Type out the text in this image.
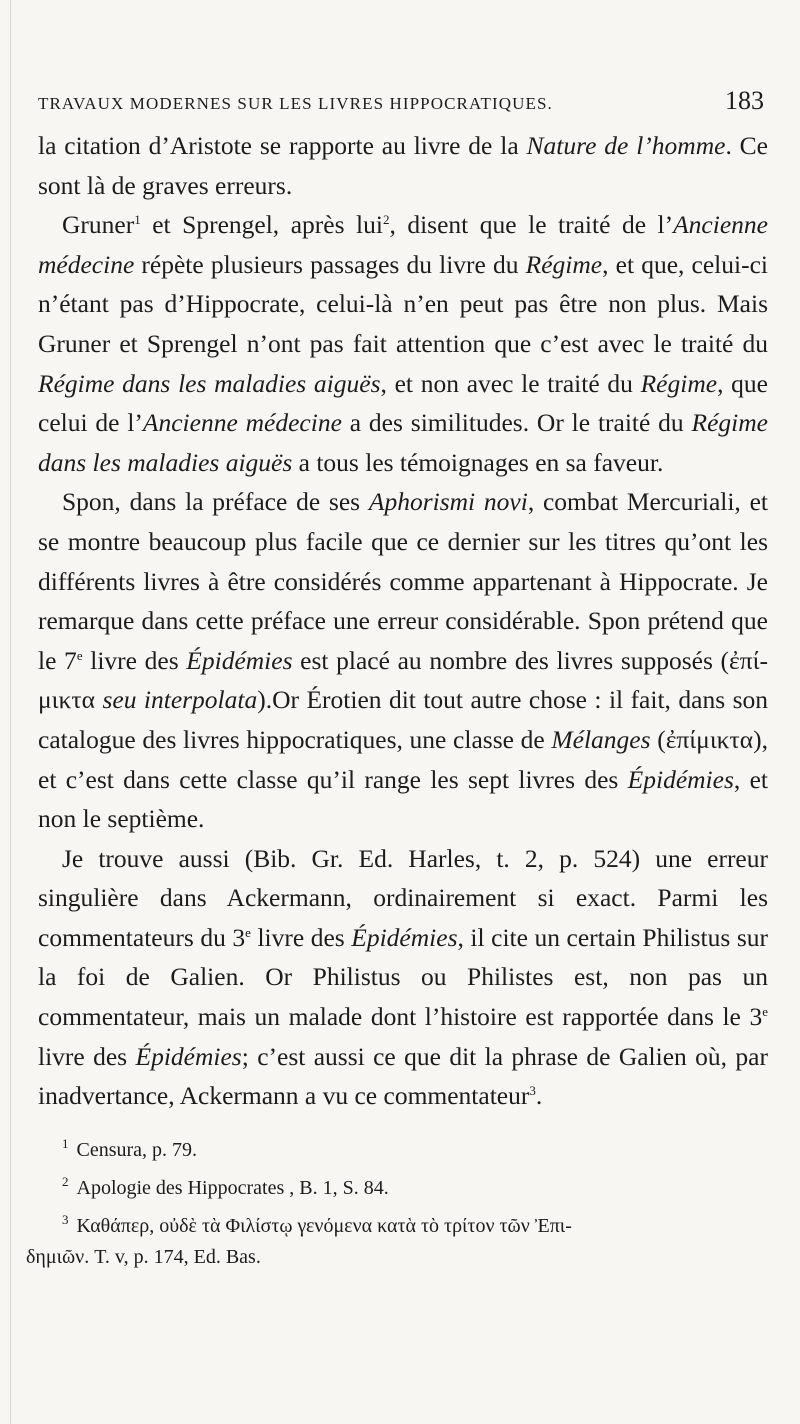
TRAVAUX MODERNES SUR LES LIVRES HIPPOCRATIQUES.	183

la citation d’Aristote se rapporte au livre de la Nature de l’homme. Ce sont là de graves erreurs.

Gruner$^1$ et Sprengel, après lui$^2$, disent que le traité de l’Ancienne médecine répète plusieurs passages du livre du Régime, et que, celui-ci n’étant pas d’Hippocrate, celui-là n’en peut pas être non plus. Mais Gruner et Sprengel n’ont pas fait attention que c’est avec le traité du Régime dans les maladies aiguës, et non avec le traité du Régime, que celui de l’Ancienne médecine a des similitudes. Or le traité du Régime dans les maladies aiguës a tous les témoignages en sa faveur.

Spon, dans la préface de ses Aphorismi novi, combat Mercuriali, et se montre beaucoup plus facile que ce dernier sur les titres qu’ont les différents livres à être considérés comme appartenant à Hippocrate. Je remarque dans cette préface une erreur considérable. Spon prétend que le 7e livre des Épidémies est placé au nombre des livres supposés (ἐπί-μικτα seu interpolata).Or Érotien dit tout autre chose : il fait, dans son catalogue des livres hippocratiques, une classe de Mélanges (ἐπίμικτα), et c’est dans cette classe qu’il range les sept livres des Épidémies, et non le septième.

Je trouve aussi (Bib. Gr. Ed. Harles, t. 2, p. 524) une erreur singulière dans Ackermann, ordinairement si exact. Parmi les commentateurs du 3e livre des Épidémies, il cite un certain Philistus sur la foi de Galien. Or Philistus ou Philistes est, non pas un commentateur, mais un malade dont l’histoire est rapportée dans le 3e livre des Épidémies; c’est aussi ce que dit la phrase de Galien où, par inadvertance, Ackermann a vu ce commentateur$^3$.

$^1$ Censura, p. 79.

$^2$ Apologie des Hippocrates , B. 1, S. 84.

$^3$ Καθάπερ, οὐδὲ τὰ Φιλίστῳ γενόμενα κατὰ τὸ τρίτον τῶν Ἐπι-

δημιῶν. T. v, p. 174, Ed. Bas.
